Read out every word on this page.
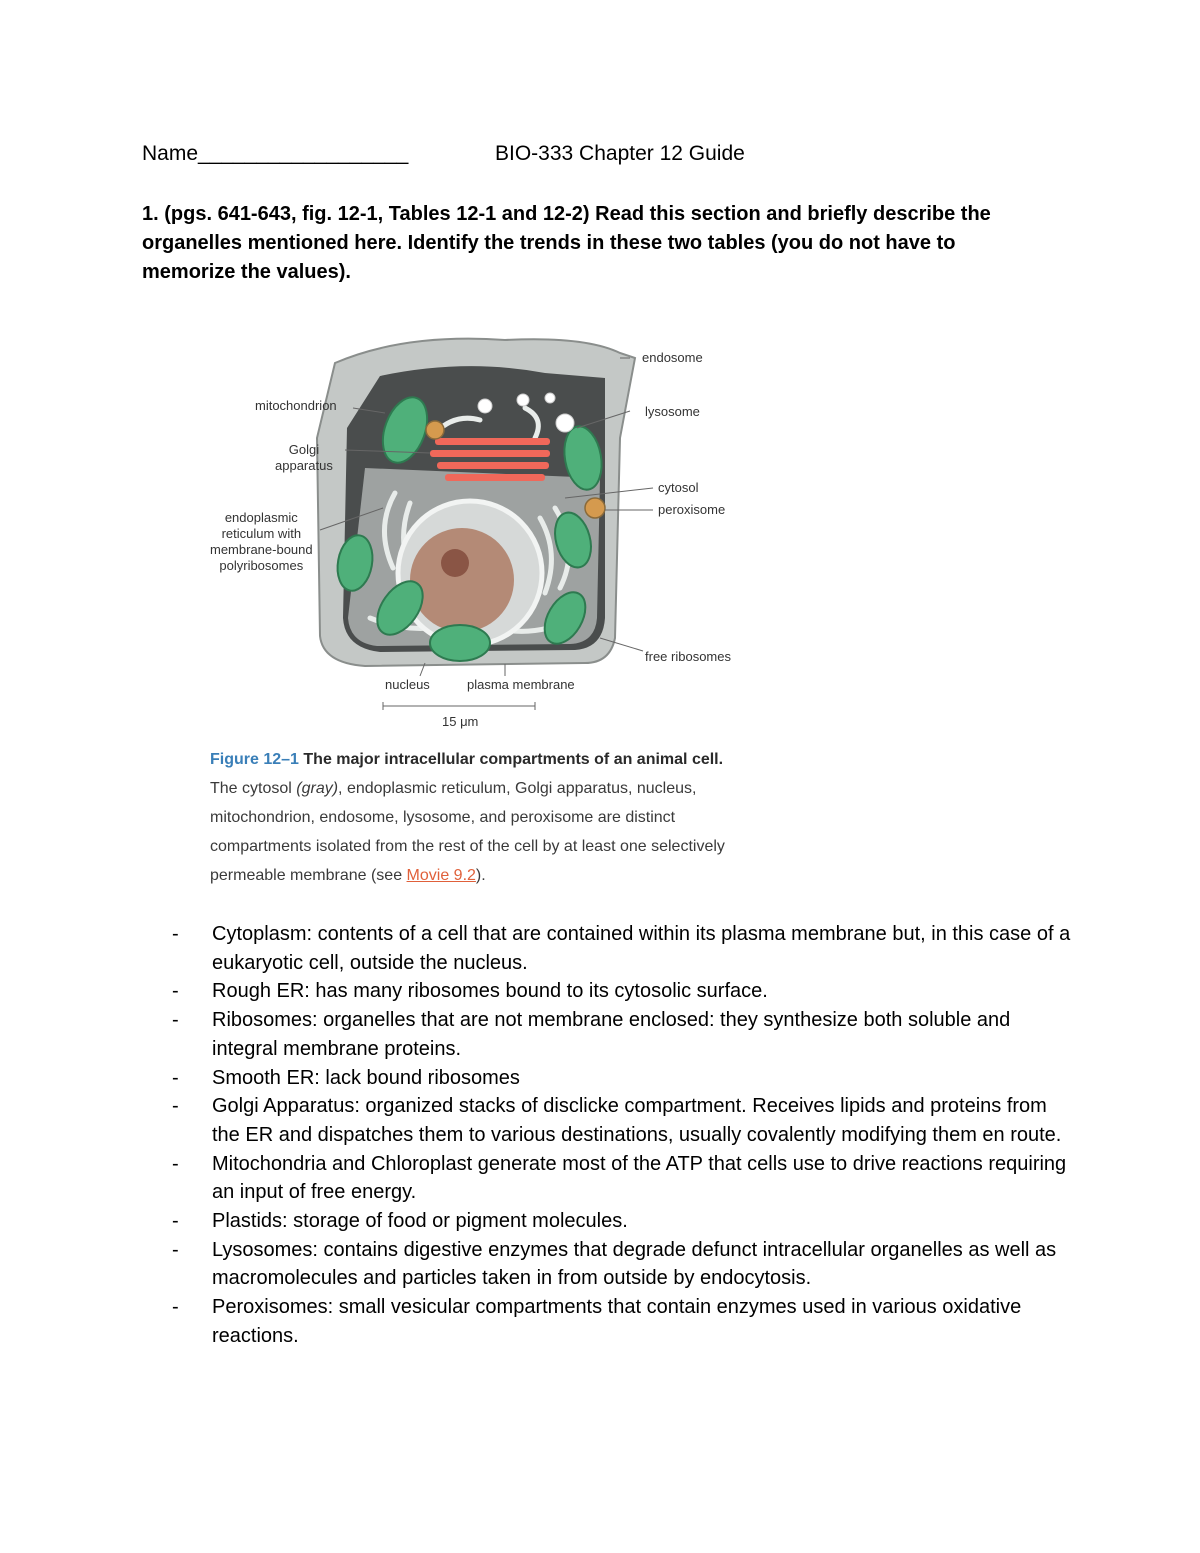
Name__________________	BIO-333 Chapter 12 Guide
1. (pgs. 641-643, fig. 12-1, Tables 12-1 and 12-2) Read this section and briefly describe the organelles mentioned here. Identify the trends in these two tables (you do not have to memorize the values).
endosome
mitochondrion	lysosome
Golgi
apparatus
cytosol
peroxisome
endoplasmic
reticulum with
membrane-bound
polyribosomes
free ribosomes
nucleus	plasma membrane
15 μm
Figure 12–1 The major intracellular compartments of an animal cell. The cytosol (gray), endoplasmic reticulum, Golgi apparatus, nucleus, mitochondrion, endosome, lysosome, and peroxisome are distinct compartments isolated from the rest of the cell by at least one selectively permeable membrane (see Movie 9.2).
- Cytoplasm: contents of a cell that are contained within its plasma membrane but, in this case of a eukaryotic cell, outside the nucleus.
- Rough ER: has many ribosomes bound to its cytosolic surface.
- Ribosomes: organelles that are not membrane enclosed: they synthesize both soluble and integral membrane proteins.
- Smooth ER: lack bound ribosomes
- Golgi Apparatus: organized stacks of disclicke compartment. Receives lipids and proteins from the ER and dispatches them to various destinations, usually covalently modifying them en route.
- Mitochondria and Chloroplast generate most of the ATP that cells use to drive reactions requiring an input of free energy.
- Plastids: storage of food or pigment molecules.
- Lysosomes: contains digestive enzymes that degrade defunct intracellular organelles as well as macromolecules and particles taken in from outside by endocytosis.
- Peroxisomes: small vesicular compartments that contain enzymes used in various oxidative reactions.
